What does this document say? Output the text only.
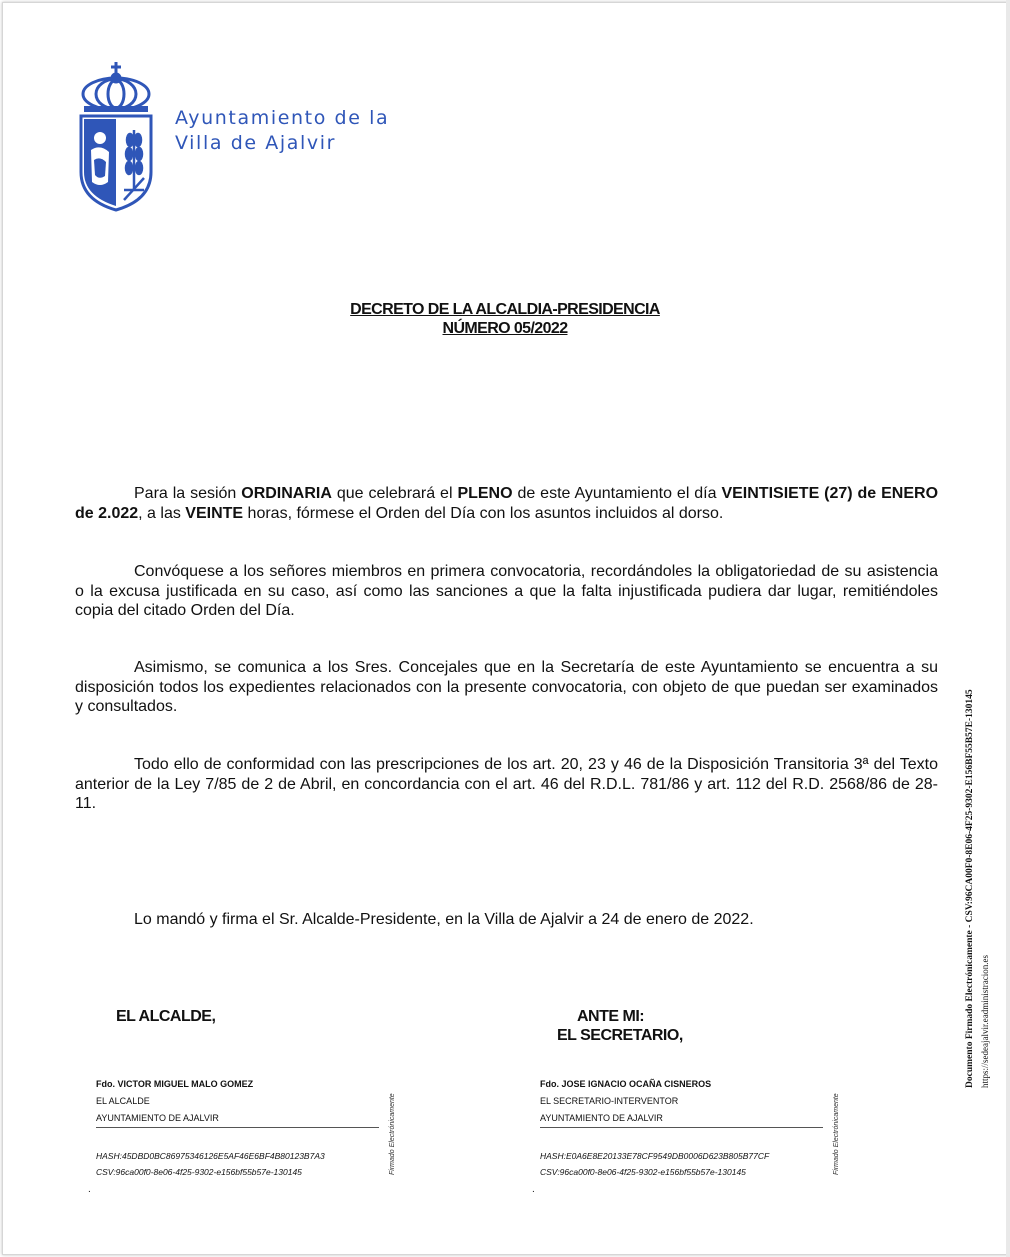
Ayuntamiento de la
Villa de Ajalvir
DECRETO DE LA ALCALDIA-PRESIDENCIA
NÚMERO 05/2022
Para la sesión ORDINARIA que celebrará el PLENO de este Ayuntamiento el día VEINTISIETE (27) de ENERO de 2.022, a las VEINTE horas, fórmese el Orden del Día con los asuntos incluidos al dorso.
Convóquese a los señores miembros en primera convocatoria, recordándoles la obligatoriedad de su asistencia o la excusa justificada en su caso, así como las sanciones a que la falta injustificada pudiera dar lugar, remitiéndoles copia del citado Orden del Día.
Asimismo, se comunica a los Sres. Concejales que en la Secretaría de este Ayuntamiento se encuentra a su disposición todos los expedientes relacionados con la presente convocatoria, con objeto de que puedan ser examinados y consultados.
Todo ello de conformidad con las prescripciones de los art. 20, 23 y 46 de la Disposición Transitoria 3ª del Texto anterior de la Ley 7/85 de 2 de Abril, en concordancia con el art. 46 del R.D.L. 781/86 y art. 112 del R.D. 2568/86 de 28-11.
Lo mandó y firma el Sr. Alcalde-Presidente, en la Villa de Ajalvir a 24 de enero de 2022.
EL ALCALDE,	ANTE MI:
EL SECRETARIO,
Fdo. VICTOR MIGUEL MALO GOMEZ
EL ALCALDE
AYUNTAMIENTO DE AJALVIR
HASH:45DBD0BC86975346126E5AF46E6BF4B80123B7A3
CSV:96ca00f0-8e06-4f25-9302-e156bf55b57e-130145	Firmado Electrónicamente
.
Fdo. JOSE IGNACIO OCAÑA CISNEROS
EL SECRETARIO-INTERVENTOR
AYUNTAMIENTO DE AJALVIR
HASH:E0A6E8E20133E78CF9549DB0006D623B805B77CF
CSV:96ca00f0-8e06-4f25-9302-e156bf55b57e-130145	Firmado Electrónicamente
.
Documento Firmado Electrónicamente - CSV:96CA00F0-8E06-4F25-9302-E156BF55B57E-130145 https://sedeajalvir.eadministracion.es
